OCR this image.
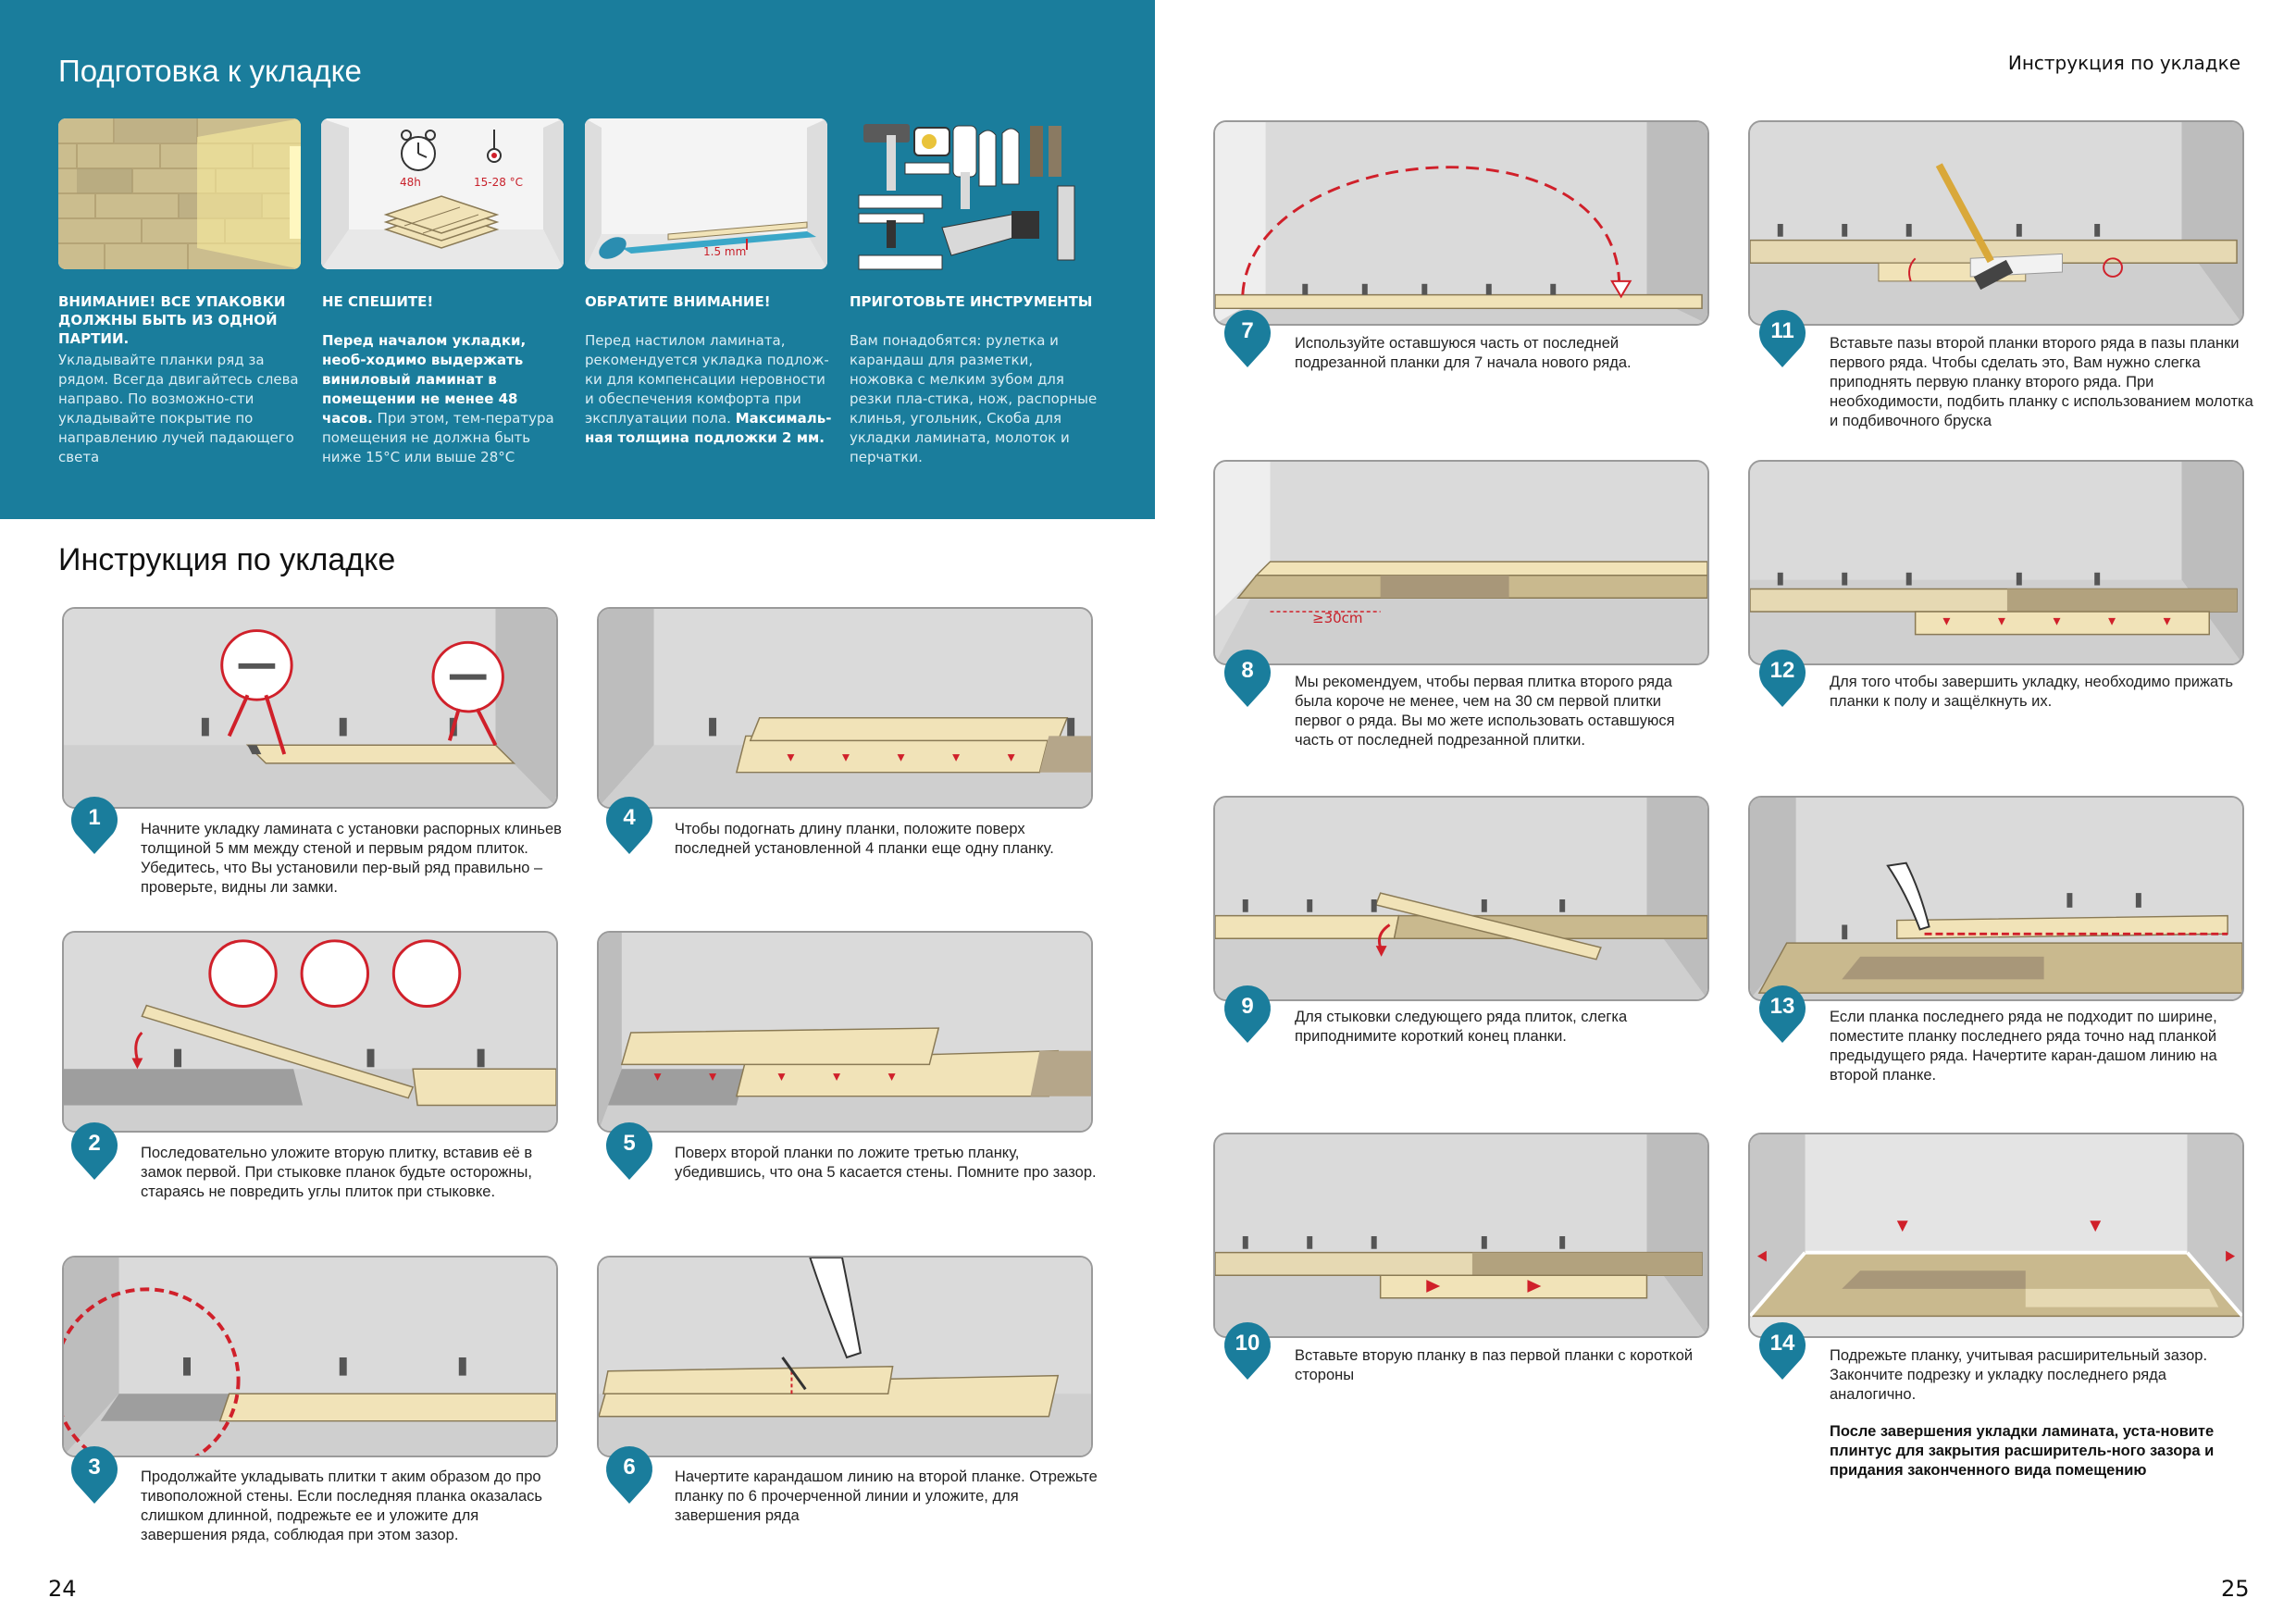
Подготовка к укладке
48h	15-28 °С
1.5 mm
ВНИМАНИЕ! ВСЕ УПАКОВКИ ДОЛЖНЫ БЫТЬ ИЗ ОДНОЙ ПАРТИИ.
Укладывайте планки ряд за рядом. Всегда двигайтесь слева направо. По возможно-сти укладывайте покрытие по направлению лучей падающего света
НЕ СПЕШИТЕ!
Перед началом укладки, необ-ходимо выдержать виниловый ламинат в помещении не менее 48 часов. При этом, тем-пература помещения не должна быть ниже 15°С или выше 28°С
ОБРАТИТЕ ВНИМАНИЕ!
Перед настилом ламината, рекомендуется укладка подлож-ки для компенсации неровности и обеспечения комфорта при эксплуатации пола. Максималь-ная толщина подложки 2 мм.
ПРИГОТОВЬТЕ ИНСТРУМЕНТЫ
Вам понадобятся: рулетка и карандаш для разметки, ножовка с мелким зубом для резки пла-стика, нож, распорные клинья, угольник, Скоба для укладки ламината, молоток и перчатки.
Инструкция по укладке
Инструкция по укладке
≥30cm
1
2
3
4
5
6
7
8
9
10
11
12
13
14
Начните укладку ламината с установки распорных клиньев толщиной 5 мм между стеной и первым рядом плиток. Убедитесь, что Вы установили пер-вый ряд правильно – проверьте, видны ли замки.
Последовательно уложите вторую плитку, вставив её в замок первой. При стыковке планок будьте осторожны, стараясь не повредить углы плиток при стыковке.
Продолжайте укладывать плитки т аким образом до про тивоположной стены. Если последняя планка оказалась слишком длинной, подрежьте ее и уложите для завершения ряда, соблюдая при этом зазор.
Чтобы подогнать длину планки, положите поверх последней установленной 4 планки еще одну планку.
Поверх второй планки по ложите третью планку, убедившись, что она 5 касается стены. Помните про зазор.
Начертите карандашом линию на второй планке. Отрежьте планку по 6 прочерченной линии и уложите, для завершения ряда
Используйте оставшуюся часть от последней подрезанной планки для 7 начала нового ряда.
Мы рекомендуем, чтобы первая плитка второго ряда была короче не менее, чем на 30 см первой плитки первог о ряда. Вы мо жете использовать оставшуюся часть от последней подрезанной плитки.
Для стыковки следующего ряда плиток, слегка приподнимите короткий конец планки.
Вставьте вторую планку в паз первой планки с короткой стороны
Вставьте пазы второй планки второго ряда в пазы планки первого ряда. Чтобы сделать это, Вам нужно слегка приподнять первую планку второго ряда. При необходимости, подбить планку с использованием молотка и подбивочного бруска
Для того чтобы завершить укладку, необходимо прижать планки к полу и защёлкнуть их.
Если планка последнего ряда не подходит по ширине, поместите планку последнего ряда точно над планкой предыдущего ряда. Начертите каран-дашом линию на второй планке.
Подрежьте планку, учитывая расширительный зазор. Закончите подрезку и укладку последнего ряда аналогично.
После завершения укладки ламината, уста-новите плинтус для закрытия расширитель-ного зазора и придания законченного вида помещению
24	25
